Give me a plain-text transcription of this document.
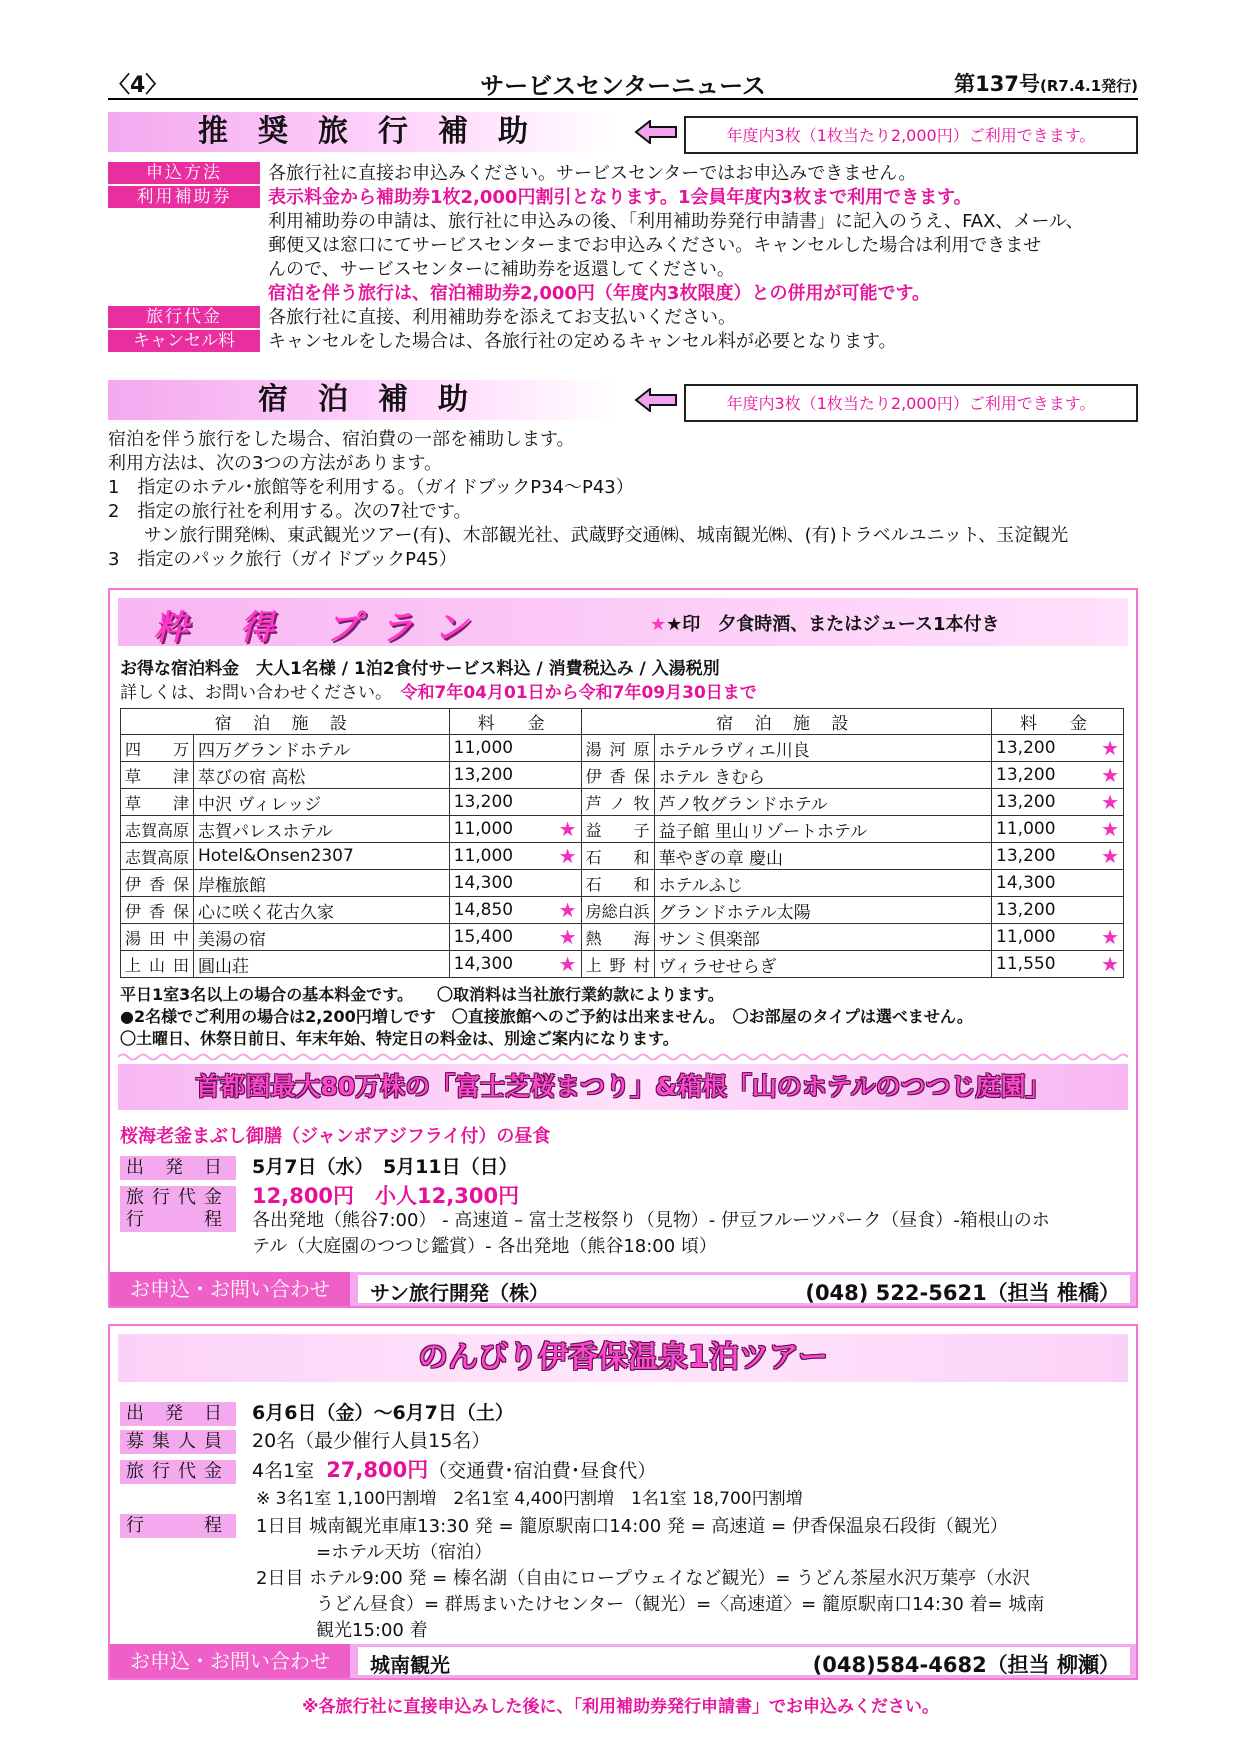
〈4〉	サービスセンターニュース	第137号(R7.4.1発行)
推　奨　旅　行　補　助	年度内3枚（1枚当たり2,000円）ご利用できます。
申込方法	各旅行社に直接お申込みください。サービスセンターではお申込みできません。
利用補助券 表示料金から補助券1枚2,000円割引となります。1会員年度内3枚まで利用できます。
利用補助券の申請は、旅行社に申込みの後、「利用補助券発行申請書」に記入のうえ、FAX、メール、
郵便又は窓口にてサービスセンターまでお申込みください。キャンセルした場合は利用できませ
んので、サービスセンターに補助券を返還してください。
宿泊を伴う旅行は、宿泊補助券2,000円（年度内3枚限度）との併用が可能です。
旅行代金	各旅行社に直接、利用補助券を添えてお支払いください。
キャンセル料 キャンセルをした場合は、各旅行社の定めるキャンセル料が必要となります。
宿　泊　補　助	年度内3枚（1枚当たり2,000円）ご利用できます。
宿泊を伴う旅行をした場合、宿泊費の一部を補助します。
利用方法は、次の3つの方法があります。
1　指定のホテル･旅館等を利用する。（ガイドブックP34～P43）
2　指定の旅行社を利用する。次の7社です。
　　サン旅行開発㈱、東武観光ツアー(有)、木部観光社、武蔵野交通㈱、城南観光㈱、(有)トラベルユニット、玉淀観光
3　指定のパック旅行（ガイドブックP45）
粋 得 プラン	★★印　夕食時酒、またはジュース1本付き
お得な宿泊料金　大人1名様 / 1泊2食付サービス料込 / 消費税込み / 入湯税別
詳しくは、お問い合わせください。　 令和7年04月01日から令和7年09月30日まで
宿 泊 施 設		料　金		宿 泊 施 設		料　金	
四万	四万グランドホテル	11,000		湯河原	ホテルラヴィエ川良	13,200	★
草津	萃びの宿 高松	13,200		伊香保	ホテル きむら	13,200	★
草津	中沢 ヴィレッジ	13,200		芦ノ牧	芦ノ牧グランドホテル	13,200	★
志賀高原	志賀パレスホテル	11,000	★	益子	益子館 里山リゾートホテル	11,000	★
志賀高原	Hotel&Onsen2307	11,000	★	石和	華やぎの章 慶山	13,200	★
伊香保	岸権旅館	14,300		石和	ホテルふじ	14,300	
伊香保	心に咲く花古久家	14,850	★	房総白浜	グランドホテル太陽	13,200	
湯田中	美湯の宿	15,400	★	熱海	サンミ倶楽部	11,000	★
上山田	圓山荘	14,300	★	上野村	ヴィラせせらぎ	11,550	★
平日1室3名以上の場合の基本料金です。　　〇取消料は当社旅行業約款によります。
●2名様でご利用の場合は2,200円増しです　〇直接旅館へのご予約は出来ません。　〇お部屋のタイプは選べません。
〇土曜日、休祭日前日、年末年始、特定日の料金は、別途ご案内になります。
首都圏最大80万株の「富士芝桜まつり」&箱根「山のホテルのつつじ庭園」
桜海老釜まぶし御膳（ジャンボアジフライ付）の昼食
出発日 5月7日（水）　5月11日（日）
旅行代金 12,800円　小人12,300円
行程	各出発地（熊谷7:00） - 高速道 – 富士芝桜祭り（見物）- 伊豆フルーツパーク（昼食）-箱根山のホ
テル（大庭園のつつじ鑑賞）- 各出発地（熊谷18:00 頃）
お申込・お問い合わせ	サン旅行開発（株）	(048) 522-5621（担当 椎橋）
のんびり伊香保温泉1泊ツアー
出発日 6月6日（金）～6月7日（土）
募集人員 20名（最少催行人員15名）
旅行代金 4名1室 27,800円（交通費･宿泊費･昼食代）
※ 3名1室 1,100円割増　2名1室 4,400円割増　1名1室 18,700円割増
行程	1日目 城南観光車庫13:30 発 = 籠原駅南口14:00 発 = 高速道 = 伊香保温泉石段街（観光）
=ホテル天坊（宿泊）
2日目 ホテル9:00 発 = 榛名湖（自由にロープウェイなど観光）= うどん茶屋水沢万葉亭（水沢
うどん昼食）= 群馬まいたけセンター（観光）=〈高速道〉= 籠原駅南口14:30 着= 城南
観光15:00 着
お申込・お問い合わせ	城南観光	(048)584-4682（担当 柳瀬）
※各旅行社に直接申込みした後に、「利用補助券発行申請書」でお申込みください。
